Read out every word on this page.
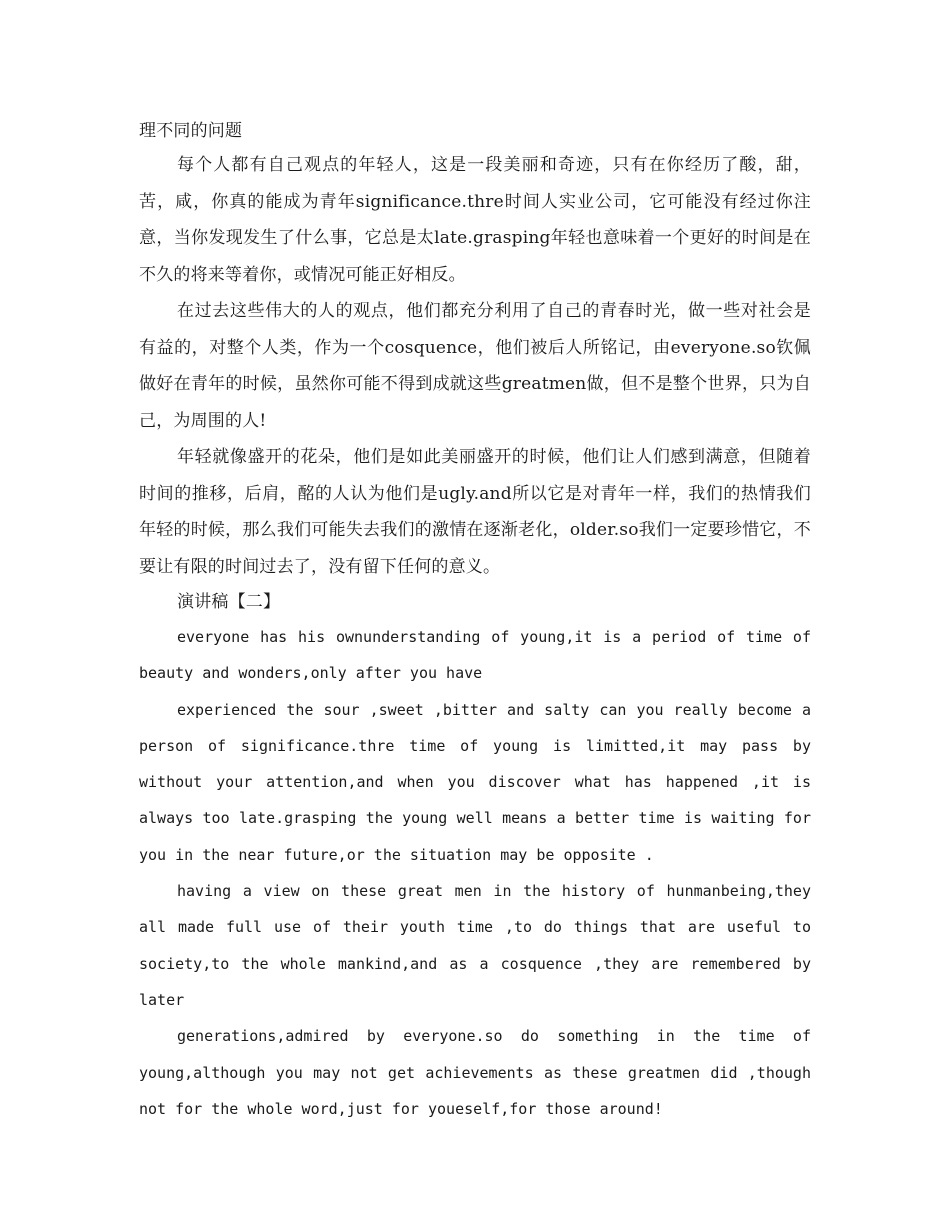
理不同的问题

每个人都有自己观点的年轻人，这是一段美丽和奇迹，只有在你经历了酸，甜，苦，咸，你真的能成为青年significance.thre时间人实业公司，它可能没有经过你注意，当你发现发生了什么事，它总是太late.grasping年轻也意味着一个更好的时间是在不久的将来等着你，或情况可能正好相反。

在过去这些伟大的人的观点，他们都充分利用了自己的青春时光，做一些对社会是有益的，对整个人类，作为一个cosquence，他们被后人所铭记，由everyone.so钦佩做好在青年的时候，虽然你可能不得到成就这些greatmen做，但不是整个世界，只为自己，为周围的人!

年轻就像盛开的花朵，他们是如此美丽盛开的时候，他们让人们感到满意，但随着时间的推移，后肩，酩的人认为他们是ugly.and所以它是对青年一样，我们的热情我们年轻的时候，那么我们可能失去我们的激情在逐渐老化，older.so我们一定要珍惜它，不要让有限的时间过去了，没有留下任何的意义。

演讲稿【二】

everyone has his ownunderstanding of young,it is a period of time of beauty and wonders,only after you have

experienced the sour ,sweet ,bitter and salty can you really become a person of significance.thre time of young is limitted,it may pass by without your attention,and when you discover what has happened ,it is always too late.grasping the young well means a better time is waiting for you in the near future,or the situation may be opposite .

having a view on these great men in the history of hunmanbeing,they all made full use of their youth time ,to do things that are useful to society,to the whole mankind,and as a cosquence ,they are remembered by later

generations,admired by everyone.so do something in the time of young,although you may not get achievements as these greatmen did ,though not for the whole word,just for youeself,for those around!
